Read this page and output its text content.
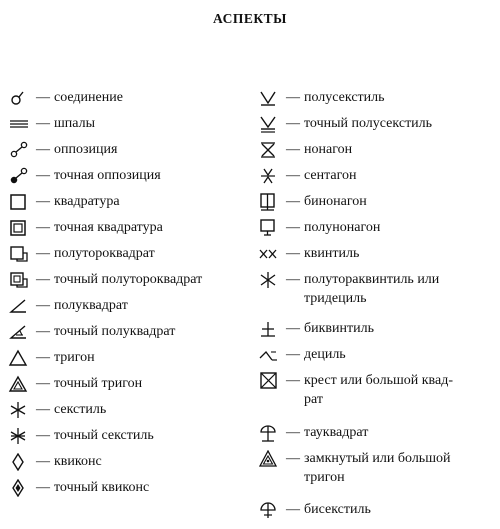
АСПЕКТЫ
— соединение
— шпалы
— оппозиция
— точная оппозиция
— квадратура
— точная квадратура
— полутороквадрат
— точный полутороквадрат
— полуквадрат
— точный полуквадрат
— тригон
— точный тригон
— секстиль
— точный секстиль
— квиконс
— точный квиконс
— полусекстиль
— точный полусекстиль
— нонагон
— сентагон
— бинонагон
— полунонагон
— квинтиль
— полутораквинтиль или
тридециль
— биквинтиль
— дециль
— крест или большой квад-
рат
— тауквадрат
— замкнутый или большой
тригон
— бисекстиль
